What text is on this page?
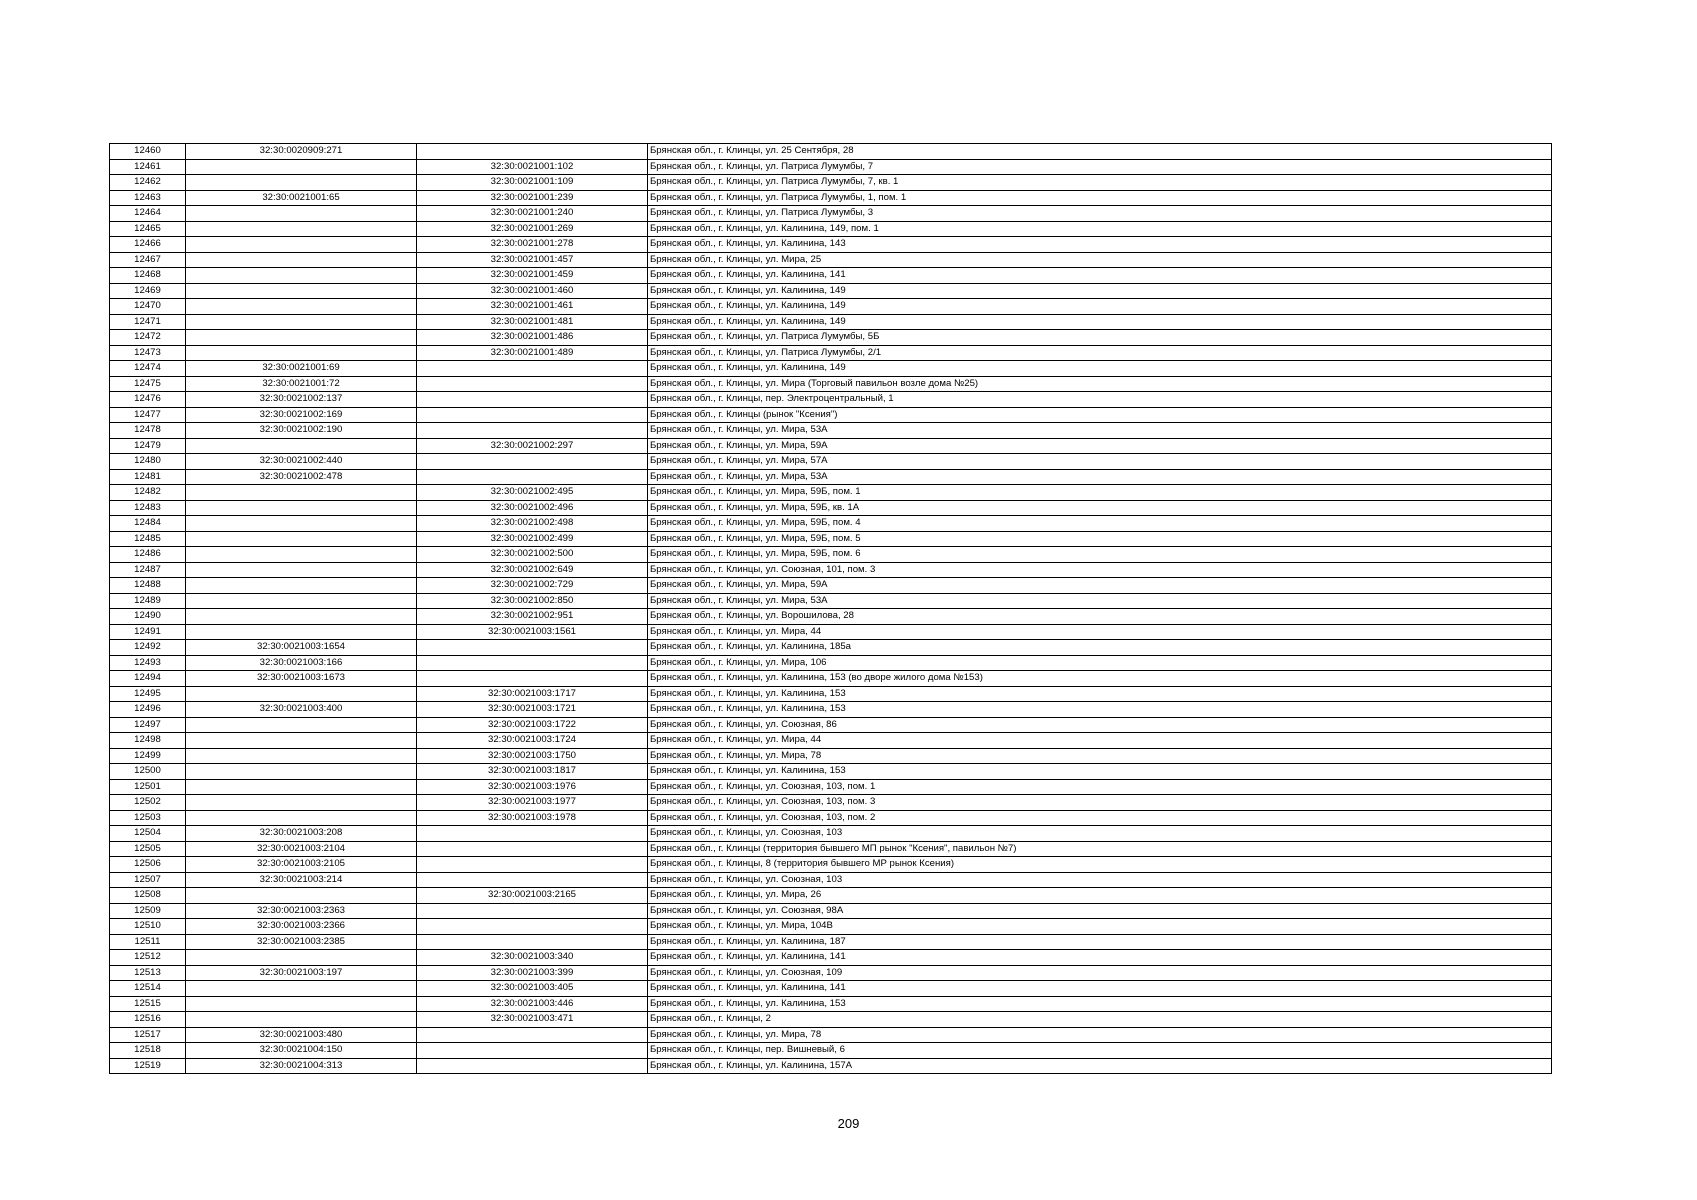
12460	32:30:0020909:271		Брянская обл., г. Клинцы, ул. 25 Сентября, 28
12461		32:30:0021001:102	Брянская обл., г. Клинцы, ул. Патриса Лумумбы, 7
12462		32:30:0021001:109	Брянская обл., г. Клинцы, ул. Патриса Лумумбы, 7, кв. 1
12463	32:30:0021001:65	32:30:0021001:239	Брянская обл., г. Клинцы, ул. Патриса Лумумбы, 1, пом. 1
12464		32:30:0021001:240	Брянская обл., г. Клинцы, ул. Патриса Лумумбы, 3
12465		32:30:0021001:269	Брянская обл., г. Клинцы, ул. Калинина, 149, пом. 1
12466		32:30:0021001:278	Брянская обл., г. Клинцы, ул. Калинина, 143
12467		32:30:0021001:457	Брянская обл., г. Клинцы, ул. Мира, 25
12468		32:30:0021001:459	Брянская обл., г. Клинцы, ул. Калинина, 141
12469		32:30:0021001:460	Брянская обл., г. Клинцы, ул. Калинина, 149
12470		32:30:0021001:461	Брянская обл., г. Клинцы, ул. Калинина, 149
12471		32:30:0021001:481	Брянская обл., г. Клинцы, ул. Калинина, 149
12472		32:30:0021001:486	Брянская обл., г. Клинцы, ул. Патриса Лумумбы, 5Б
12473		32:30:0021001:489	Брянская обл., г. Клинцы, ул. Патриса Лумумбы, 2/1
12474	32:30:0021001:69		Брянская обл., г. Клинцы, ул. Калинина, 149
12475	32:30:0021001:72		Брянская обл., г. Клинцы, ул. Мира (Торговый павильон возле дома №25)
12476	32:30:0021002:137		Брянская обл., г. Клинцы, пер. Электроцентральный, 1
12477	32:30:0021002:169		Брянская обл., г. Клинцы (рынок "Ксения")
12478	32:30:0021002:190		Брянская обл., г. Клинцы, ул. Мира, 53А
12479		32:30:0021002:297	Брянская обл., г. Клинцы, ул. Мира, 59А
12480	32:30:0021002:440		Брянская обл., г. Клинцы, ул. Мира, 57А
12481	32:30:0021002:478		Брянская обл., г. Клинцы, ул. Мира, 53А
12482		32:30:0021002:495	Брянская обл., г. Клинцы, ул. Мира, 59Б, пом. 1
12483		32:30:0021002:496	Брянская обл., г. Клинцы, ул. Мира, 59Б, кв. 1А
12484		32:30:0021002:498	Брянская обл., г. Клинцы, ул. Мира, 59Б, пом. 4
12485		32:30:0021002:499	Брянская обл., г. Клинцы, ул. Мира, 59Б, пом. 5
12486		32:30:0021002:500	Брянская обл., г. Клинцы, ул. Мира, 59Б, пом. 6
12487		32:30:0021002:649	Брянская обл., г. Клинцы, ул. Союзная, 101, пом. 3
12488		32:30:0021002:729	Брянская обл., г. Клинцы, ул. Мира, 59А
12489		32:30:0021002:850	Брянская обл., г. Клинцы, ул. Мира, 53А
12490		32:30:0021002:951	Брянская обл., г. Клинцы, ул. Ворошилова, 28
12491		32:30:0021003:1561	Брянская обл., г. Клинцы, ул. Мира, 44
12492	32:30:0021003:1654		Брянская обл., г. Клинцы, ул. Калинина, 185а
12493	32:30:0021003:166		Брянская обл., г. Клинцы, ул. Мира, 106
12494	32:30:0021003:1673		Брянская обл., г. Клинцы, ул. Калинина, 153 (во дворе жилого дома №153)
12495		32:30:0021003:1717	Брянская обл., г. Клинцы, ул. Калинина, 153
12496	32:30:0021003:400	32:30:0021003:1721	Брянская обл., г. Клинцы, ул. Калинина, 153
12497		32:30:0021003:1722	Брянская обл., г. Клинцы, ул. Союзная, 86
12498		32:30:0021003:1724	Брянская обл., г. Клинцы, ул. Мира, 44
12499		32:30:0021003:1750	Брянская обл., г. Клинцы, ул. Мира, 78
12500		32:30:0021003:1817	Брянская обл., г. Клинцы, ул. Калинина, 153
12501		32:30:0021003:1976	Брянская обл., г. Клинцы, ул. Союзная, 103, пом. 1
12502		32:30:0021003:1977	Брянская обл., г. Клинцы, ул. Союзная, 103, пом. 3
12503		32:30:0021003:1978	Брянская обл., г. Клинцы, ул. Союзная, 103, пом. 2
12504	32:30:0021003:208		Брянская обл., г. Клинцы, ул. Союзная, 103
12505	32:30:0021003:2104		Брянская обл., г. Клинцы (территория бывшего МП рынок "Ксения", павильон №7)
12506	32:30:0021003:2105		Брянская обл., г. Клинцы, 8 (территория бывшего МР рынок Ксения)
12507	32:30:0021003:214		Брянская обл., г. Клинцы, ул. Союзная, 103
12508		32:30:0021003:2165	Брянская обл., г. Клинцы, ул. Мира, 26
12509	32:30:0021003:2363		Брянская обл., г. Клинцы, ул. Союзная, 98А
12510	32:30:0021003:2366		Брянская обл., г. Клинцы, ул. Мира, 104В
12511	32:30:0021003:2385		Брянская обл., г. Клинцы, ул. Калинина, 187
12512		32:30:0021003:340	Брянская обл., г. Клинцы, ул. Калинина, 141
12513	32:30:0021003:197	32:30:0021003:399	Брянская обл., г. Клинцы, ул. Союзная, 109
12514		32:30:0021003:405	Брянская обл., г. Клинцы, ул. Калинина, 141
12515		32:30:0021003:446	Брянская обл., г. Клинцы, ул. Калинина, 153
12516		32:30:0021003:471	Брянская обл., г. Клинцы, 2
12517	32:30:0021003:480		Брянская обл., г. Клинцы, ул. Мира, 78
12518	32:30:0021004:150		Брянская обл., г. Клинцы, пер. Вишневый, 6
12519	32:30:0021004:313		Брянская обл., г. Клинцы, ул. Калинина, 157А
209
